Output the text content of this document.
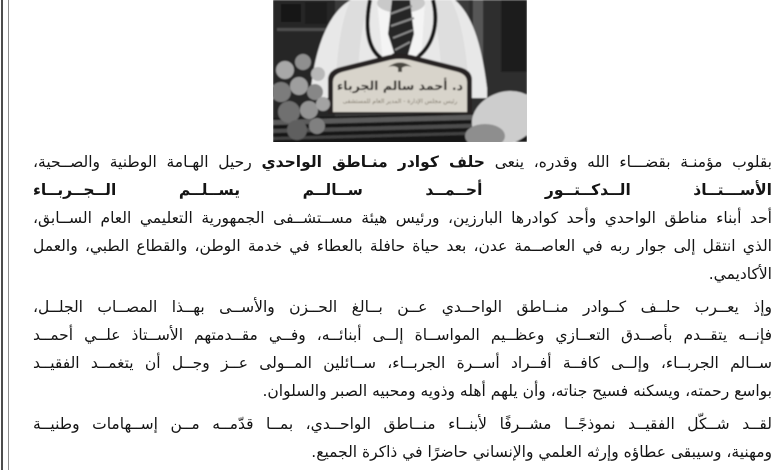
د. أحمد سالم الجرباء
رئيس مجلس الإدارة - المدير العام للمستشفى
بقلوب مؤمنـة بقضـــاء الله وقدره، ينعى حلف كوادر منـاطق الواحدي رحيل الهـامة الوطنية والصــحية،
الأســـتــاذ الــدكــتــور أحــمــد ســالــم يســلــم الــجــربــاء
أحد أبناء مناطق الواحدي وأحد كوادرها البارزين، ورئيس هيئة مســتشــفى الجمهورية التعليمي العام الســابق،
الذي انتقل إلى جوار ربه في العاصــمة عدن، بعد حياة حافلة بالعطاء في خدمة الوطن، والقطاع الطبي، والعمل
الأكاديمي.
وإذ يعــرب حلــف كــوادر منــاطق الواحــدي عــن بــالغ الحــزن والأســى بهــذا المصــاب الجلــل،
فإنــه يتقــدم بأصــدق التعــازي وعظــيم المواســاة إلــى أبنائــه، وفــي مقــدمتهم الأســتاذ علــي أحمــد
ســالم الجربــاء، وإلــى كافــة أفــراد أســرة الجربــاء، ســائلين المــولى عــز وجــل أن يتغمــد الفقيــد
بواسع رحمته، ويسكنه فسيح جناته، وأن يلهم أهله وذويه ومحبيه الصبر والسلوان.
لقــد شــكّل الفقيــد نموذجًــا مشــرفًا لأبنــاء منــاطق الواحــدي، بمــا قدّمــه مــن إســهامات وطنيــة
ومهنية، وسيبقى عطاؤه وإرثه العلمي والإنساني حاضرًا في ذاكرة الجميع.
